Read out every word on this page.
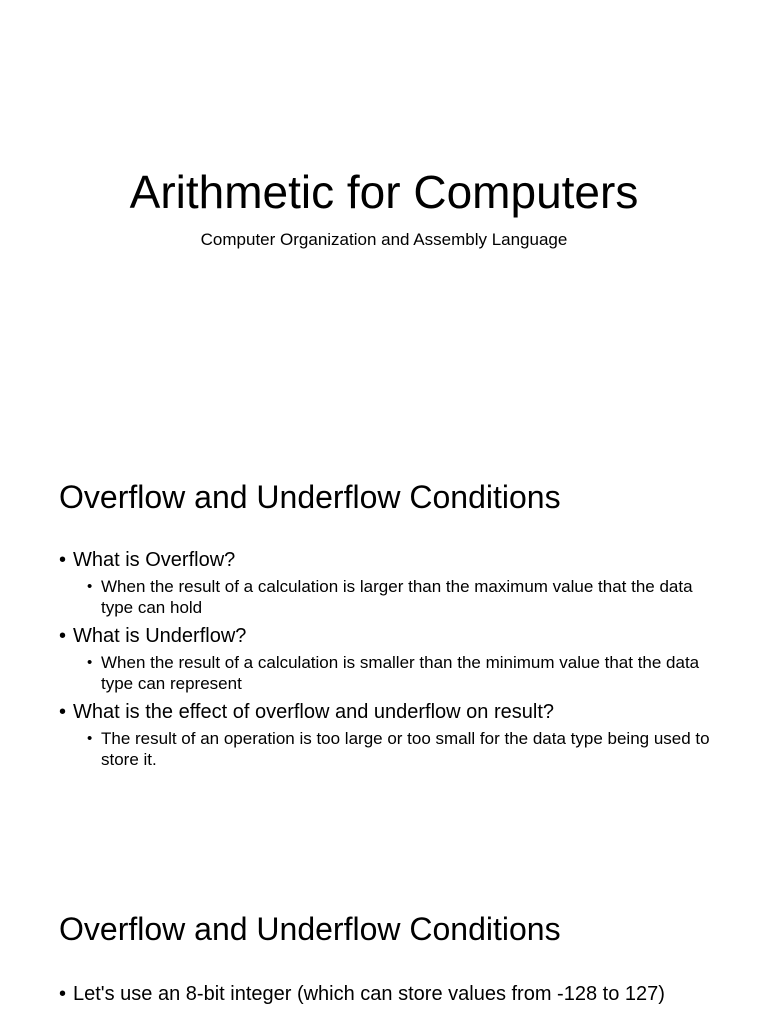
Arithmetic for Computers

Computer Organization and Assembly Language

Overflow and Underflow Conditions
• What is Overflow?
• When the result of a calculation is larger than the maximum value that the data type can hold
• What is Underflow?
• When the result of a calculation is smaller than the minimum value that the data type can represent
• What is the effect of overflow and underflow on result?
• The result of an operation is too large or too small for the data type being used to store it.
Overflow and Underflow Conditions
• Let's use an 8-bit integer (which can store values from -128 to 127)
